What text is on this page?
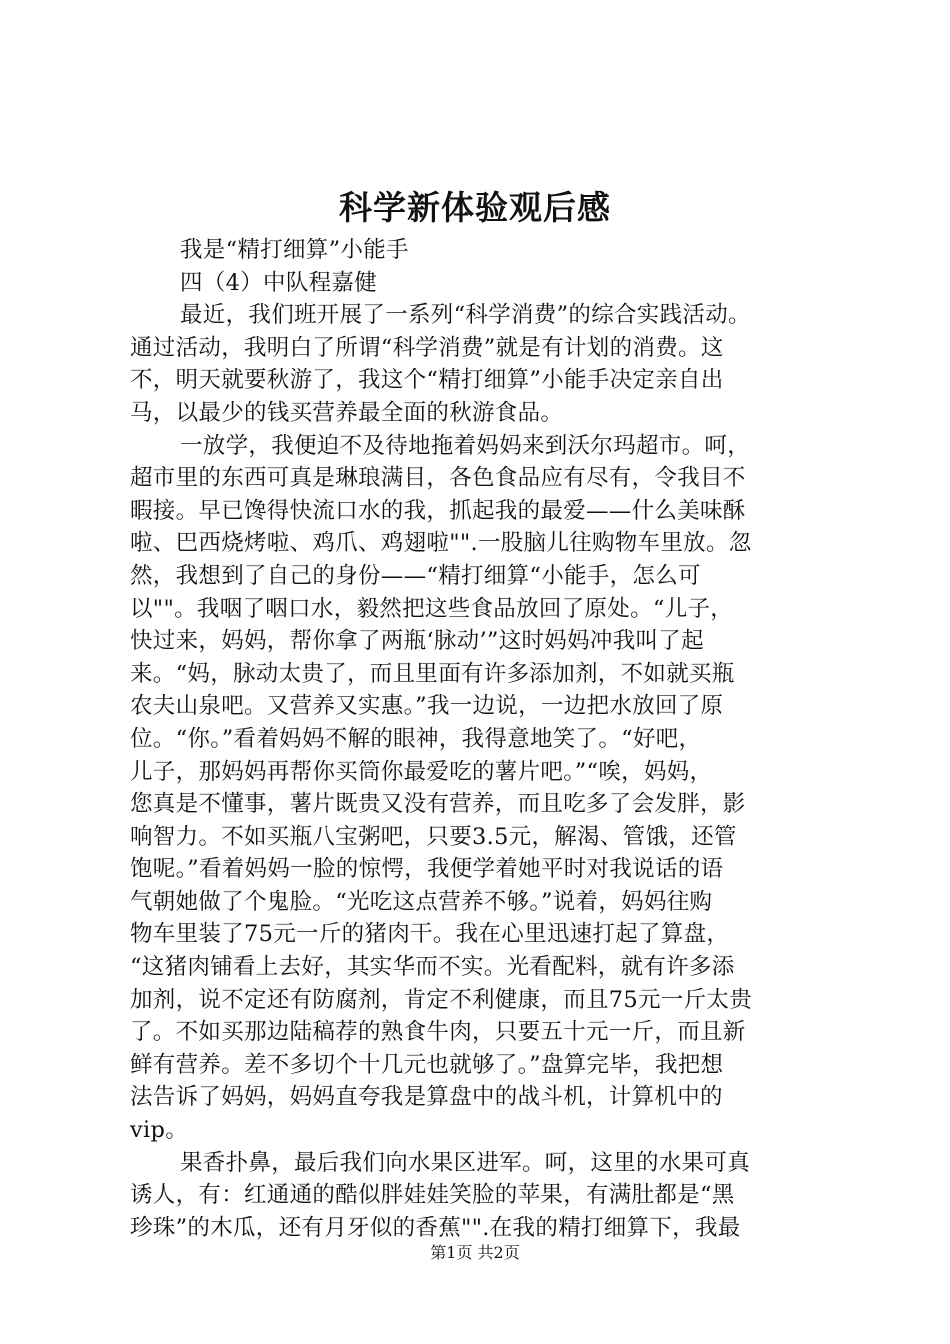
科学新体验观后感

我是“精打细算”小能手

四（4）中队程嘉健

最近，我们班开展了一系列“科学消费”的综合实践活动。

通过活动，我明白了所谓“科学消费”就是有计划的消费。这

不，明天就要秋游了，我这个“精打细算”小能手决定亲自出

马，以最少的钱买营养最全面的秋游食品。

一放学，我便迫不及待地拖着妈妈来到沃尔玛超市。呵，

超市里的东西可真是琳琅满目，各色食品应有尽有，令我目不

暇接。早已馋得快流口水的我，抓起我的最爱——什么美味酥

啦、巴西烧烤啦、鸡爪、鸡翅啦"".一股脑儿往购物车里放。忽

然，我想到了自己的身份——“精打细算“小能手，怎么可

以""。我咽了咽口水，毅然把这些食品放回了原处。“儿子，

快过来，妈妈，帮你拿了两瓶‘脉动’”这时妈妈冲我叫了起

来。“妈，脉动太贵了，而且里面有许多添加剂，不如就买瓶

农夫山泉吧。又营养又实惠。”我一边说，一边把水放回了原

位。“你。”看着妈妈不解的眼神，我得意地笑了。“好吧，

儿子，那妈妈再帮你买筒你最爱吃的薯片吧。”“唉，妈妈，

您真是不懂事，薯片既贵又没有营养，而且吃多了会发胖，影

响智力。不如买瓶八宝粥吧，只要3.5元，解渴、管饿，还管

饱呢。”看着妈妈一脸的惊愕，我便学着她平时对我说话的语

气朝她做了个鬼脸。“光吃这点营养不够。”说着，妈妈往购

物车里装了75元一斤的猪肉干。我在心里迅速打起了算盘，

“这猪肉铺看上去好，其实华而不实。光看配料，就有许多添

加剂，说不定还有防腐剂，肯定不利健康，而且75元一斤太贵

了。不如买那边陆稿荐的熟食牛肉，只要五十元一斤，而且新

鲜有营养。差不多切个十几元也就够了。”盘算完毕，我把想

法告诉了妈妈，妈妈直夸我是算盘中的战斗机，计算机中的

vip。

果香扑鼻，最后我们向水果区进军。呵，这里的水果可真

诱人，有：红通通的酷似胖娃娃笑脸的苹果，有满肚都是“黑

珍珠”的木瓜，还有月牙似的香蕉"".在我的精打细算下，我最

第1页 共2页
